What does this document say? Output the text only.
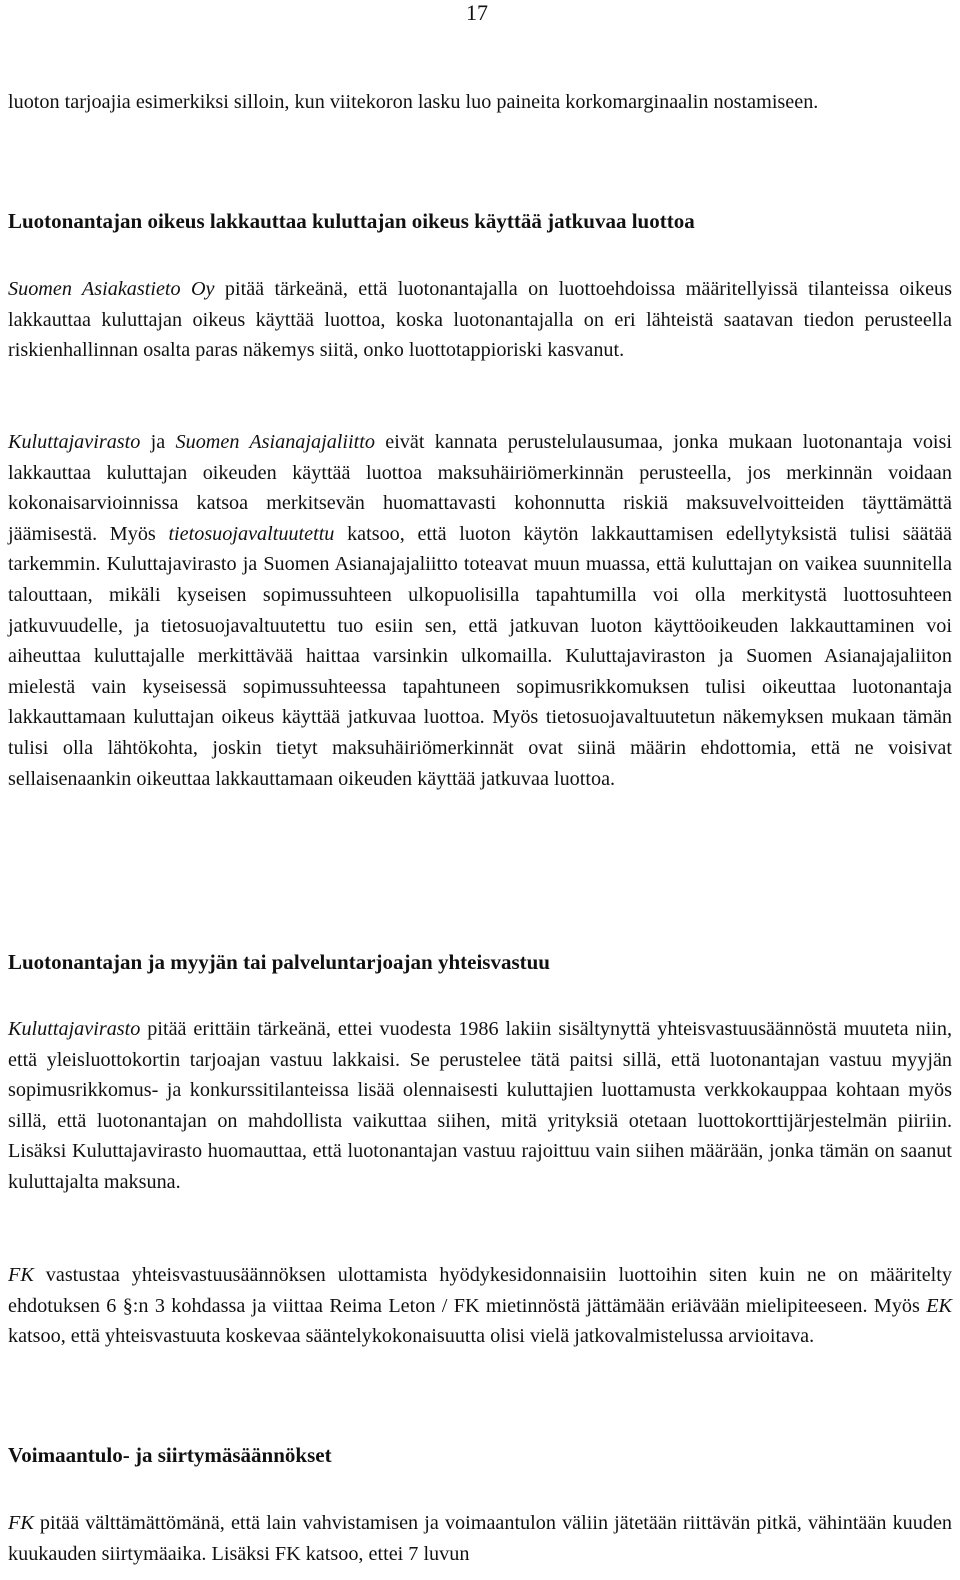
17

luoton tarjoajia esimerkiksi silloin, kun viitekoron lasku luo paineita korkomarginaalin nostamiseen.

Luotonantajan oikeus lakkauttaa kuluttajan oikeus käyttää jatkuvaa luottoa

Suomen Asiakastieto Oy pitää tärkeänä, että luotonantajalla on luottoehdoissa määritellyissä tilanteissa oikeus lakkauttaa kuluttajan oikeus käyttää luottoa, koska luotonantajalla on eri lähteistä saatavan tiedon perusteella riskienhallinnan osalta paras näkemys siitä, onko luottotappioriski kasvanut.

Kuluttajavirasto ja Suomen Asianajajaliitto eivät kannata perustelulausumaa, jonka mukaan luotonantaja voisi lakkauttaa kuluttajan oikeuden käyttää luottoa maksuhäiriömerkinnän perusteella, jos merkinnän voidaan kokonaisarvioinnissa katsoa merkitsevän huomattavasti kohonnutta riskiä maksuvelvoitteiden täyttämättä jäämisestä. Myös tietosuojavaltuutettu katsoo, että luoton käytön lakkauttamisen edellytyksistä tulisi säätää tarkemmin. Kuluttajavirasto ja Suomen Asianajajaliitto toteavat muun muassa, että kuluttajan on vaikea suunnitella talouttaan, mikäli kyseisen sopimussuhteen ulkopuolisilla tapahtumilla voi olla merkitystä luottosuhteen jatkuvuudelle, ja tietosuojavaltuutettu tuo esiin sen, että jatkuvan luoton käyttöoikeuden lakkauttaminen voi aiheuttaa kuluttajalle merkittävää haittaa varsinkin ulkomailla. Kuluttajaviraston ja Suomen Asianajajaliiton mielestä vain kyseisessä sopimussuhteessa tapahtuneen sopimusrikkomuksen tulisi oikeuttaa luotonantaja lakkauttamaan kuluttajan oikeus käyttää jatkuvaa luottoa. Myös tietosuojavaltuutetun näkemyksen mukaan tämän tulisi olla lähtökohta, joskin tietyt maksuhäiriömerkinnät ovat siinä määrin ehdottomia, että ne voisivat sellaisenaankin oikeuttaa lakkauttamaan oikeuden käyttää jatkuvaa luottoa.

Luotonantajan ja myyjän tai palveluntarjoajan yhteisvastuu

Kuluttajavirasto pitää erittäin tärkeänä, ettei vuodesta 1986 lakiin sisältynyttä yhteisvastuusäännöstä muuteta niin, että yleisluottokortin tarjoajan vastuu lakkaisi. Se perustelee tätä paitsi sillä, että luotonantajan vastuu myyjän sopimusrikkomus- ja konkurssitilanteissa lisää olennaisesti kuluttajien luottamusta verkkokauppaa kohtaan myös sillä, että luotonantajan on mahdollista vaikuttaa siihen, mitä yrityksiä otetaan luottokorttijärjestelmän piiriin. Lisäksi Kuluttajavirasto huomauttaa, että luotonantajan vastuu rajoittuu vain siihen määrään, jonka tämän on saanut kuluttajalta maksuna.

FK vastustaa yhteisvastuusäännöksen ulottamista hyödykesidonnaisiin luottoihin siten kuin ne on määritelty ehdotuksen 6 §:n 3 kohdassa ja viittaa Reima Leton / FK mietinnöstä jättämään eriävään mielipiteeseen. Myös EK katsoo, että yhteisvastuuta koskevaa sääntelykokonaisuutta olisi vielä jatkovalmistelussa arvioitava.

Voimaantulo- ja siirtymäsäännökset

FK pitää välttämättömänä, että lain vahvistamisen ja voimaantulon väliin jätetään riittävän pitkä, vähintään kuuden kuukauden siirtymäaika. Lisäksi FK katsoo, ettei 7 luvun
